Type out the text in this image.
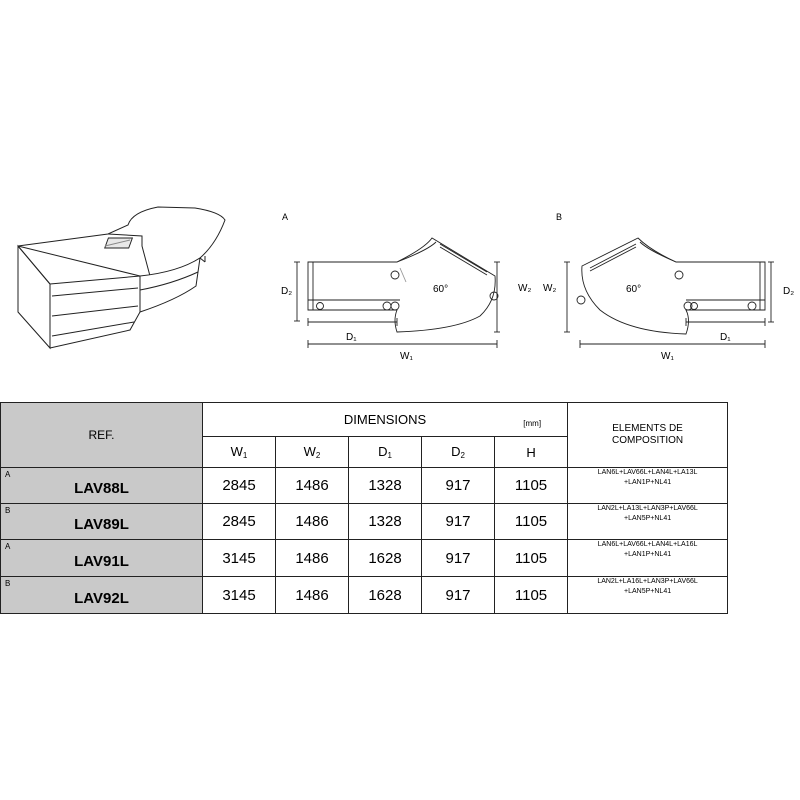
A
D₂
D₁
W₁
W₂
60°
B
W₂	D₂
D₁
W₁
60°
REF.	DIMENSIONS [mm]					ELEMENTS DE
COMPOSITION
	$W_1$	$W_2$	$D_1$	$D_2$	H	

A
LAV88L	2845	1486	1328	917	1105	LAN6L+LAV66L+LAN4L+LA13L
+LAN1P+NL41

B
LAV89L	2845	1486	1328	917	1105	LAN2L+LA13L+LAN3P+LAV66L
+LAN5P+NL41

A
LAV91L	3145	1486	1628	917	1105	LAN6L+LAV66L+LAN4L+LA16L
+LAN1P+NL41

B
LAV92L	3145	1486	1628	917	1105	LAN2L+LA16L+LAN3P+LAV66L
+LAN5P+NL41
